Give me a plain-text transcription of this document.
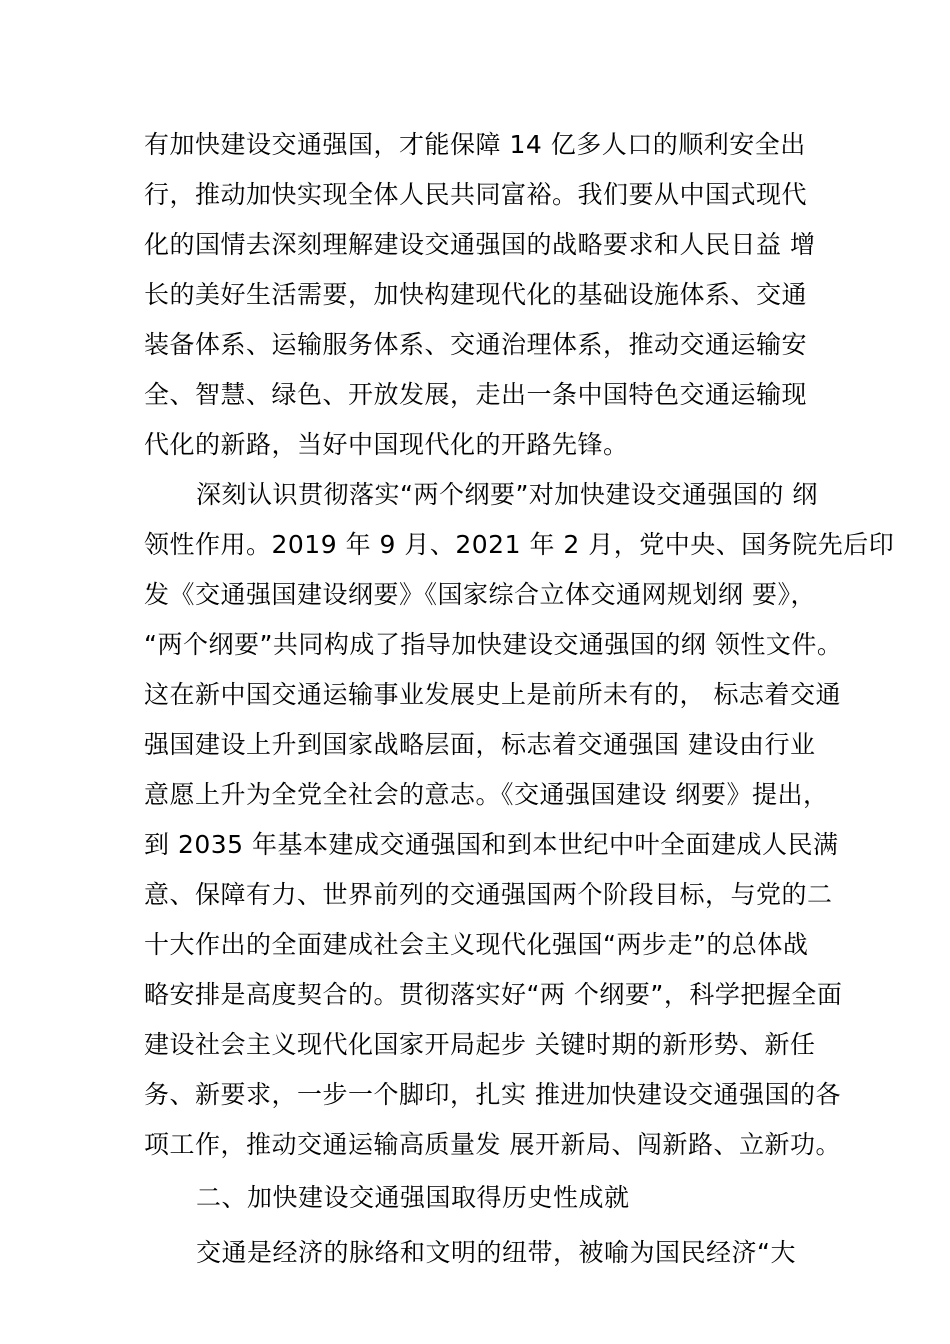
有加快建设交通强国，才能保障 14 亿多人口的顺利安全出
行，推动加快实现全体人民共同富裕。我们要从中国式现代
化的国情去深刻理解建设交通强国的战略要求和人民日益 增
长的美好生活需要，加快构建现代化的基础设施体系、交通
装备体系、运输服务体系、交通治理体系，推动交通运输安
全、智慧、绿色、开放发展，走出一条中国特色交通运输现
代化的新路，当好中国现代化的开路先锋。
深刻认识贯彻落实“两个纲要”对加快建设交通强国的 纲
领性作用。2019 年 9 月、2021 年 2 月，党中央、国务院先后印
发《交通强国建设纲要》《国家综合立体交通网规划纲 要》，
“两个纲要”共同构成了指导加快建设交通强国的纲 领性文件。
这在新中国交通运输事业发展史上是前所未有的， 标志着交通
强国建设上升到国家战略层面，标志着交通强国 建设由行业
意愿上升为全党全社会的意志。《交通强国建设 纲要》提出，
到 2035 年基本建成交通强国和到本世纪中叶全面建成人民满
意、保障有力、世界前列的交通强国两个阶段目标，与党的二
十大作出的全面建成社会主义现代化强国“两步走”的总体战
略安排是高度契合的。贯彻落实好“两 个纲要”，科学把握全面
建设社会主义现代化国家开局起步 关键时期的新形势、新任
务、新要求，一步一个脚印，扎实 推进加快建设交通强国的各
项工作，推动交通运输高质量发 展开新局、闯新路、立新功。
二、加快建设交通强国取得历史性成就
交通是经济的脉络和文明的纽带，被喻为国民经济“大
